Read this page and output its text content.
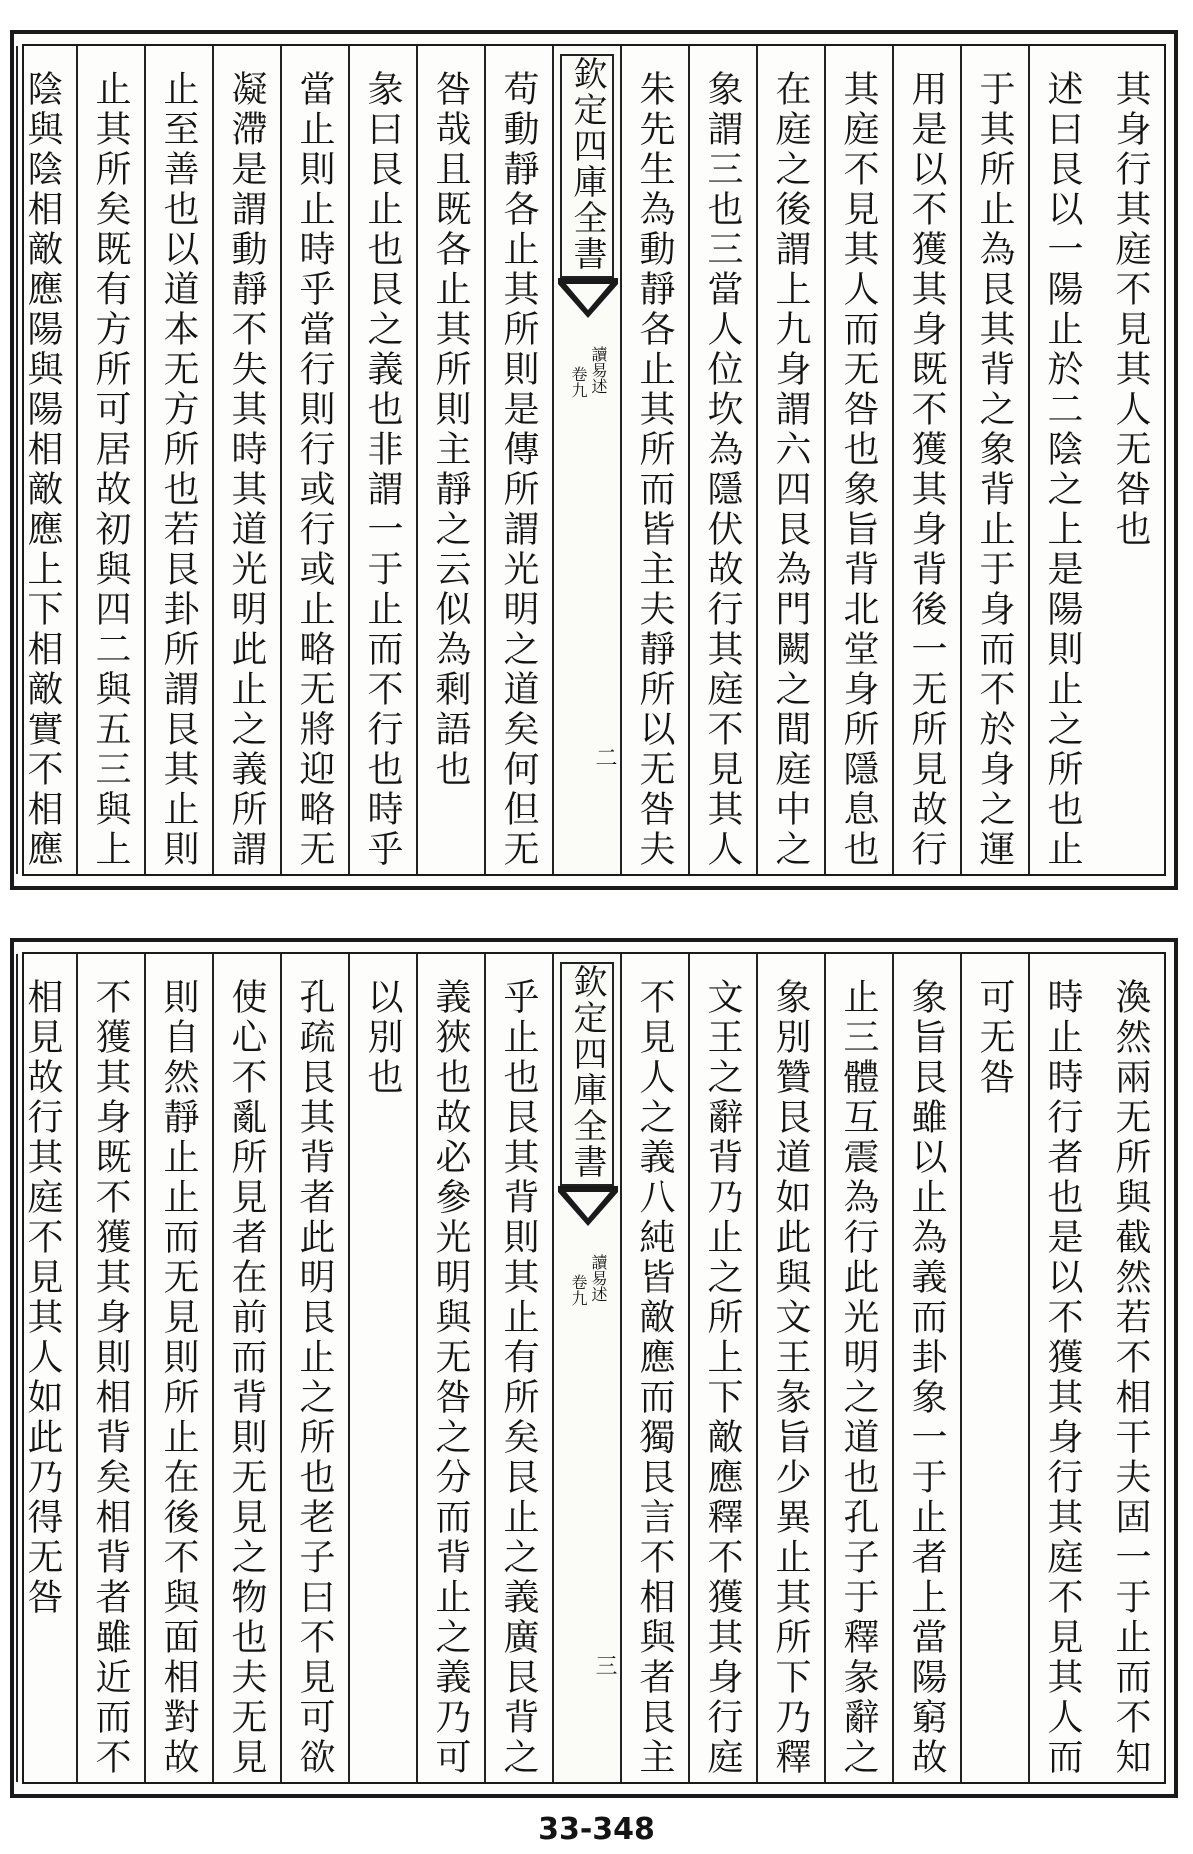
其身行其庭不見其人无咎也
述曰艮以一陽止於二陰之上是陽則止之所也止
于其所止為艮其背之象背止于身而不於身之運
用是以不獲其身既不獲其身背後一无所見故行
其庭不見其人而无咎也象旨背北堂身所隱息也
在庭之後謂上九身謂六四艮為門闕之間庭中之
象謂三也三當人位坎為隱伏故行其庭不見其人
朱先生為動靜各止其所而皆主夫靜所以无咎夫
欽定四庫全書
讀易述
卷九
二
苟動靜各止其所則是傳所謂光明之道矣何但无
咎哉且既各止其所則主靜之云似為剩語也
彖曰艮止也艮之義也非謂一于止而不行也時乎
當止則止時乎當行則行或行或止略无將迎略无
凝滯是謂動靜不失其時其道光明此止之義所謂
止至善也以道本无方所也若艮卦所謂艮其止則
止其所矣既有方所可居故初與四二與五三與上
陰與陰相敵應陽與陽相敵應上下相敵實不相應
渙然兩无所與截然若不相干夫固一于止而不知
時止時行者也是以不獲其身行其庭不見其人而
可无咎
象旨艮雖以止為義而卦象一于止者上當陽窮故
止三體互震為行此光明之道也孔子于釋彖辭之
象別贊艮道如此與文王彖旨少異止其所下乃釋
文王之辭背乃止之所上下敵應釋不獲其身行庭
不見人之義八純皆敵應而獨艮言不相與者艮主
欽定四庫全書
讀易述
卷九
三
乎止也艮其背則其止有所矣艮止之義廣艮背之
義狹也故必參光明與无咎之分而背止之義乃可
以別也
孔疏艮其背者此明艮止之所也老子曰不見可欲
使心不亂所見者在前而背則无見之物也夫无見
則自然靜止止而无見則所止在後不與面相對故
不獲其身既不獲其身則相背矣相背者雖近而不
相見故行其庭不見其人如此乃得无咎
33-348
